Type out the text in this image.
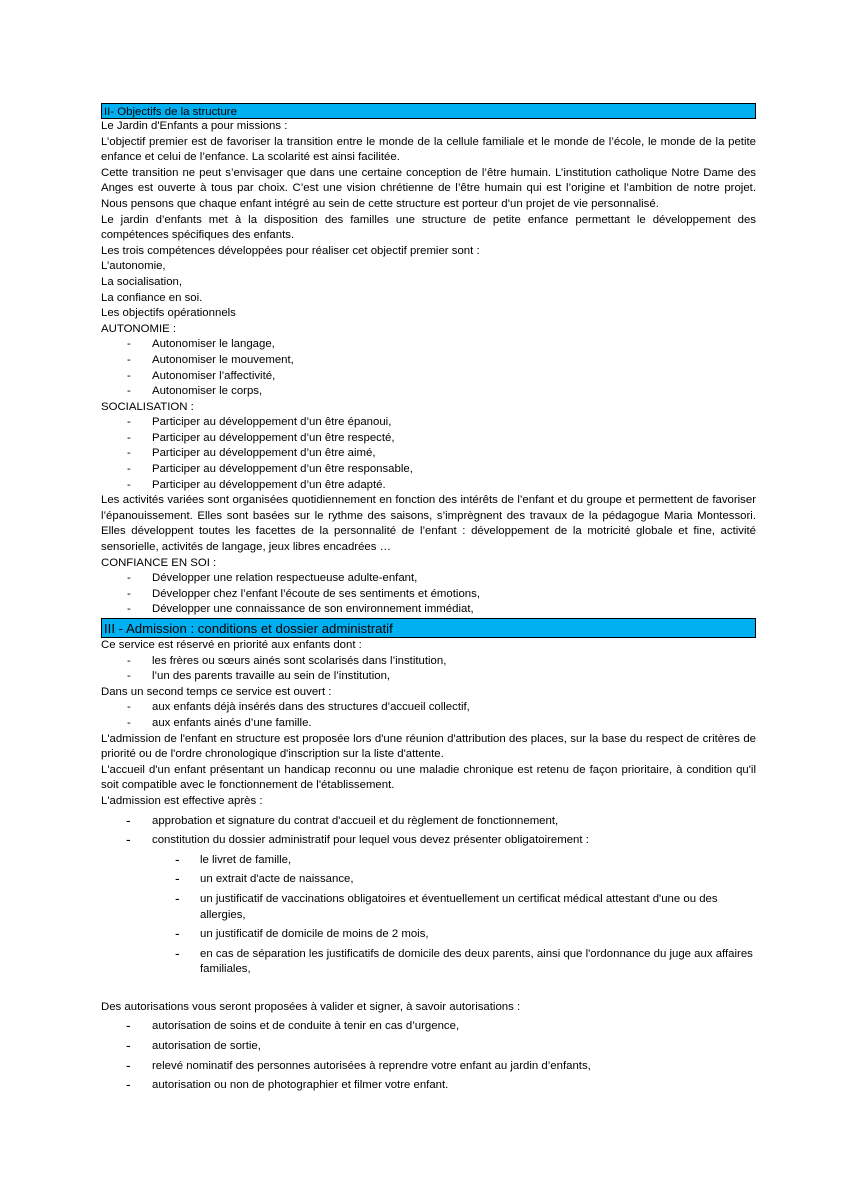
II- Objectifs de la structure

Le Jardin d'Enfants a pour missions :

L’objectif premier est de favoriser la transition entre le monde de la cellule familiale et le monde de l’école, le monde de la petite enfance et celui de l’enfance. La scolarité est ainsi facilitée.

Cette transition ne peut s’envisager que dans une certaine conception de l’être humain. L’institution catholique Notre Dame des Anges est ouverte à tous par choix. C’est une vision chrétienne de l’être humain qui est l’origine et l’ambition de notre projet. Nous pensons que chaque enfant intégré au sein de cette structure est porteur d’un projet de vie personnalisé.

Le jardin d’enfants met à la disposition des familles une structure de petite enfance permettant le développement des compétences spécifiques des enfants.

Les trois compétences développées pour réaliser cet objectif premier sont :

L’autonomie,

La socialisation,

La confiance en soi.

Les objectifs opérationnels

AUTONOMIE :

- Autonomiser le langage,

- Autonomiser le mouvement,

- Autonomiser l’affectivité,

- Autonomiser le corps,

SOCIALISATION :

- Participer au développement d’un être épanoui,

- Participer au développement d’un être respecté,

- Participer au développement d’un être aimé,

- Participer au développement d’un être responsable,

- Participer au développement d’un être adapté.

Les activités variées sont organisées quotidiennement en fonction des intérêts de l’enfant et du groupe et permettent de favoriser l’épanouissement. Elles sont basées sur le rythme des saisons, s’imprègnent des travaux de la pédagogue Maria Montessori. Elles développent toutes les facettes de la personnalité de l’enfant : développement de la motricité globale et fine, activité sensorielle, activités de langage, jeux libres encadrées …

CONFIANCE EN SOI :

- Développer une relation respectueuse adulte-enfant,

- Développer chez l’enfant l’écoute de ses sentiments et émotions,

- Développer une connaissance de son environnement immédiat,

III - Admission : conditions et dossier administratif

Ce service est réservé en priorité aux enfants dont :

- les frères ou sœurs ainés sont scolarisés dans l’institution,

- l’un des parents travaille au sein de l’institution,

Dans un second temps ce service est ouvert :

- aux enfants déjà insérés dans des structures d’accueil collectif,

- aux enfants ainés d’une famille.

L'admission de l'enfant en structure est proposée lors d'une réunion d'attribution des places, sur la base du respect de critères de priorité ou de l'ordre chronologique d'inscription sur la liste d'attente.

L'accueil d'un enfant présentant un handicap reconnu ou une maladie chronique est retenu de façon prioritaire, à condition qu'il soit compatible avec le fonctionnement de l'établissement.

L'admission est effective après :

- approbation et signature du contrat d'accueil et du règlement de fonctionnement,

- constitution du dossier administratif pour lequel vous devez présenter obligatoirement :

- le livret de famille,

- un extrait d'acte de naissance,

- un justificatif de vaccinations obligatoires et éventuellement un certificat médical attestant d'une ou des allergies,

- un justificatif de domicile de moins de 2 mois,

- en cas de séparation les justificatifs de domicile des deux parents, ainsi que l'ordonnance du juge aux affaires familiales,

Des autorisations vous seront proposées à valider et signer, à savoir autorisations :

- autorisation de soins et de conduite à tenir en cas d’urgence,

- autorisation de sortie,

- relevé nominatif des personnes autorisées à reprendre votre enfant au jardin d’enfants,

- autorisation ou non de photographier et filmer votre enfant.
